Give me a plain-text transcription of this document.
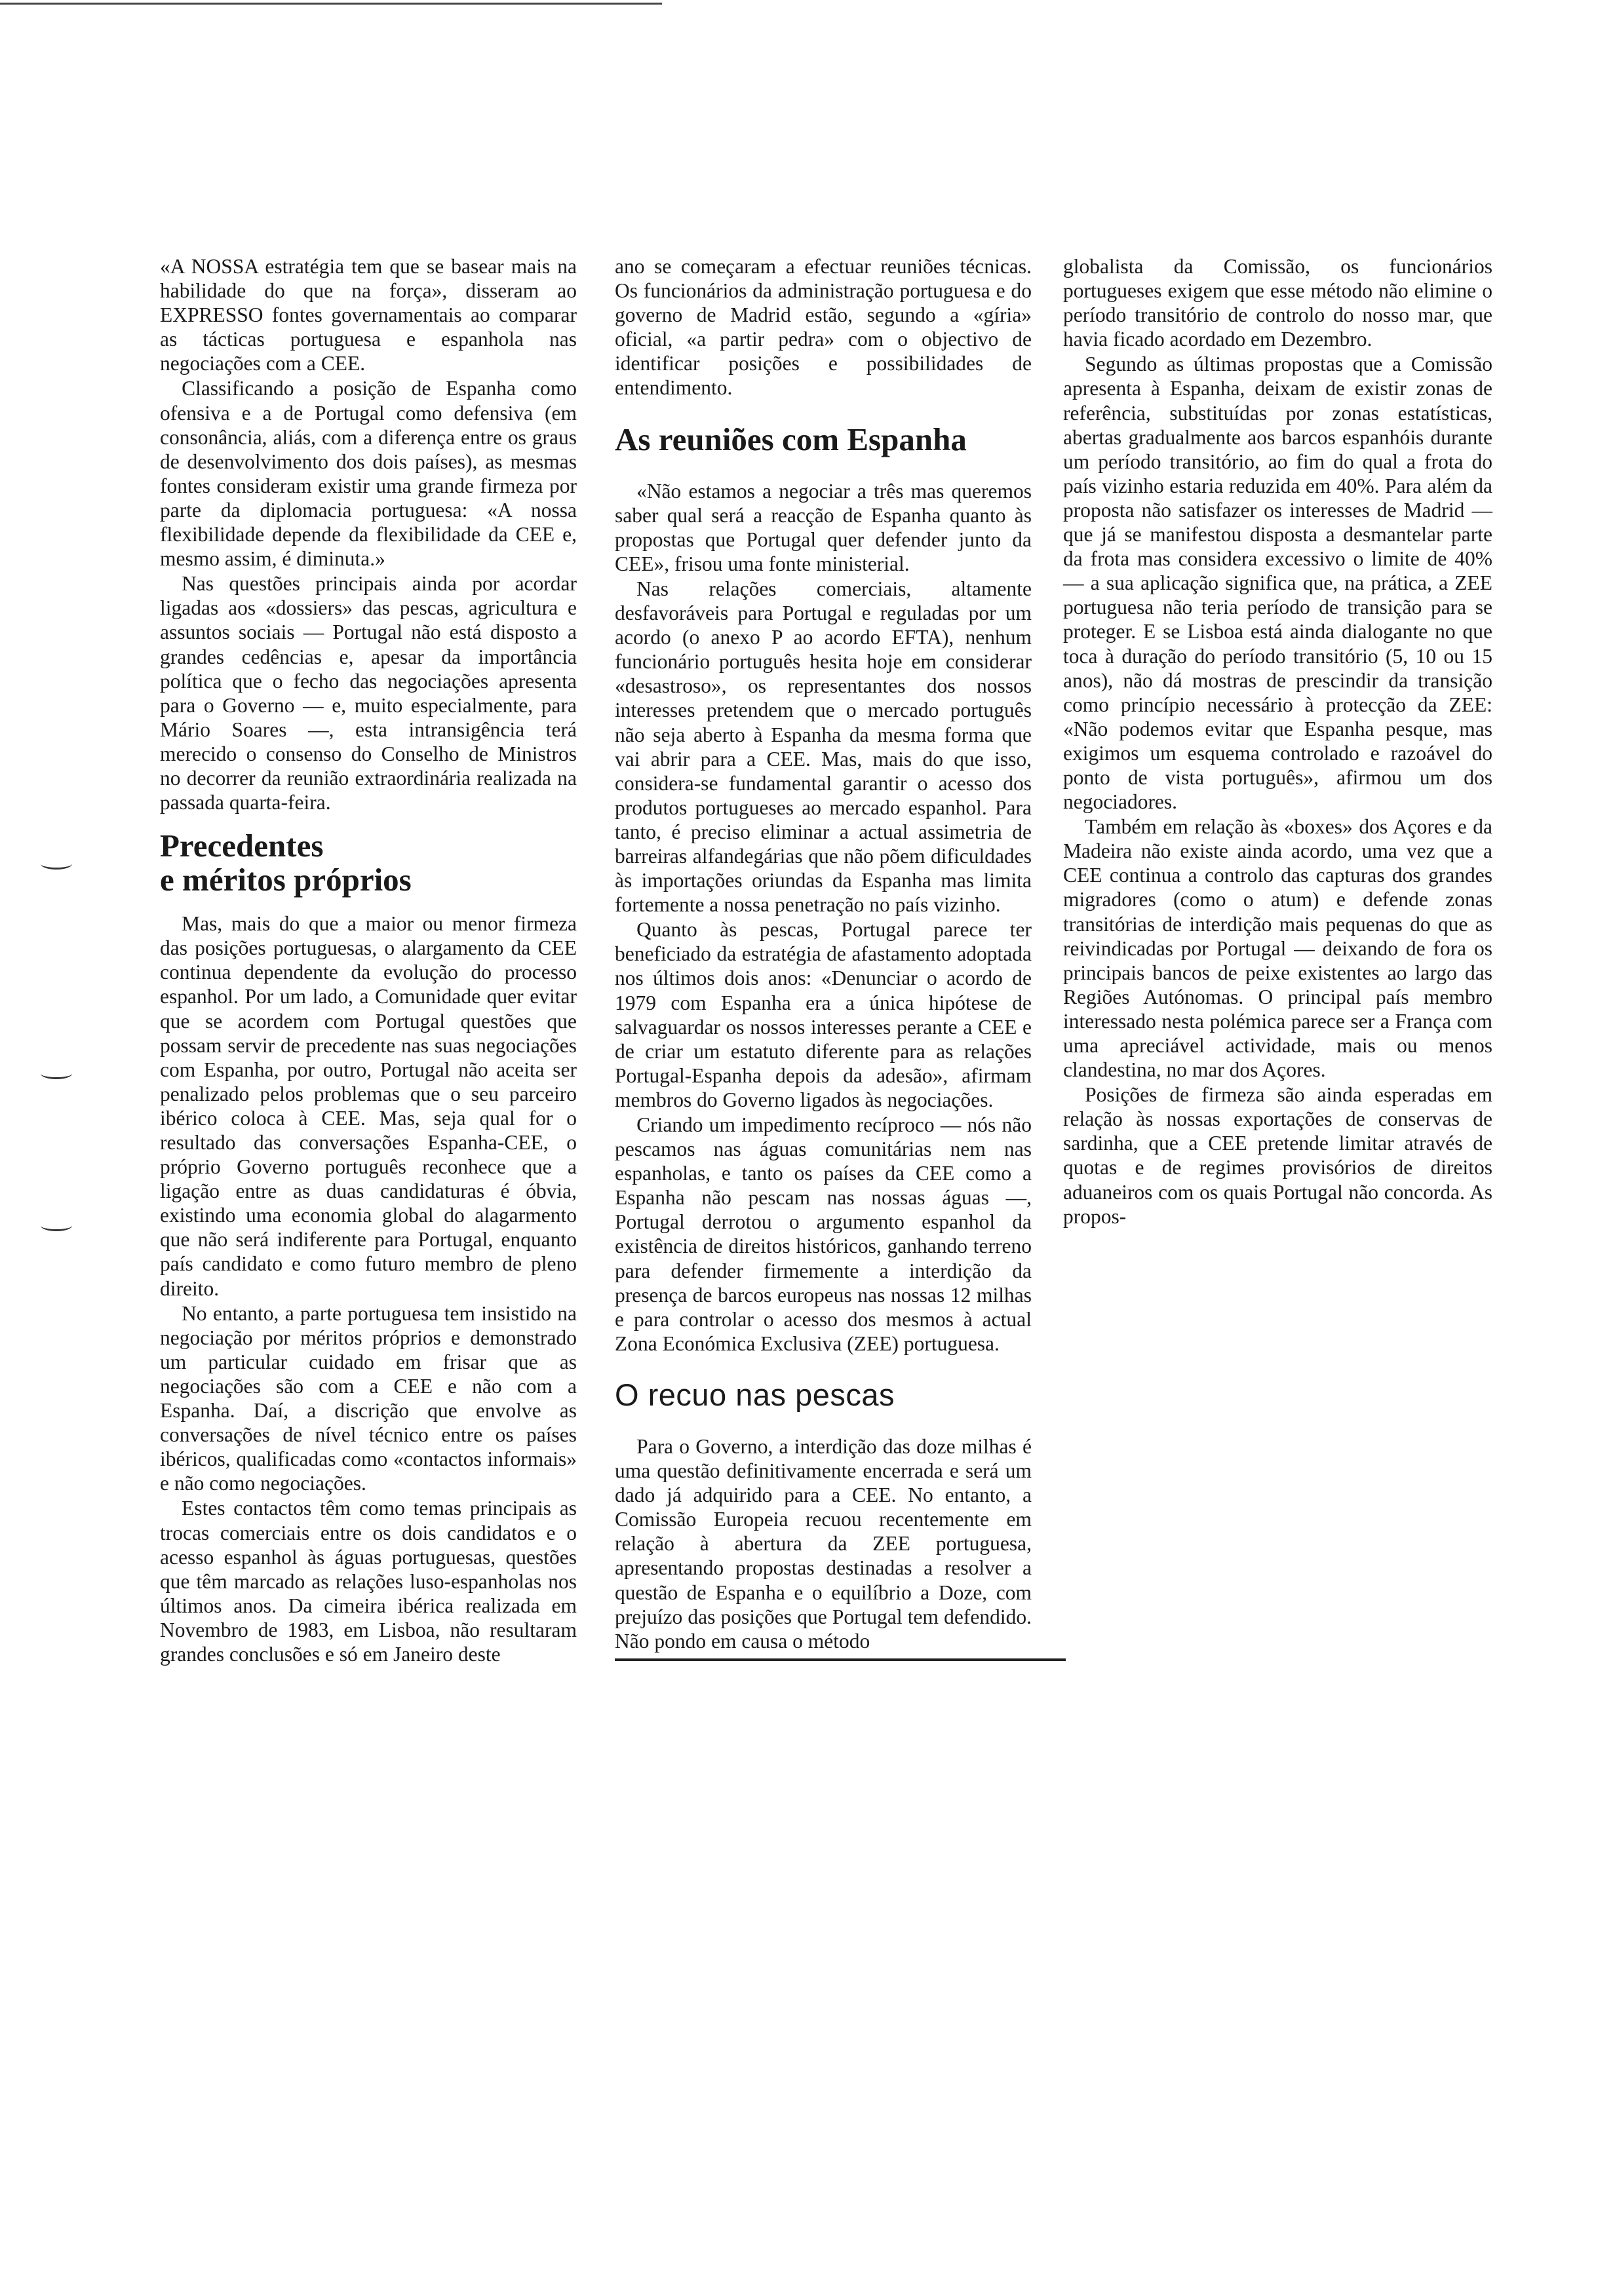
«A NOSSA estratégia tem que se basear mais na habilidade do que na força», disseram ao EXPRESSO fontes governamentais ao comparar as tácticas portuguesa e espanhola nas negociações com a CEE.

Classificando a posição de Espanha como ofensiva e a de Portugal como defensiva (em consonância, aliás, com a diferença entre os graus de desenvolvimento dos dois países), as mesmas fontes consideram existir uma grande firmeza por parte da diplomacia portuguesa: «A nossa flexibilidade depende da flexibilidade da CEE e, mesmo assim, é diminuta.»

Nas questões principais ainda por acordar ligadas aos «dossiers» das pescas, agricultura e assuntos sociais — Portugal não está disposto a grandes cedências e, apesar da importância política que o fecho das negociações apresenta para o Governo — e, muito especialmente, para Mário Soares —, esta intransigência terá merecido o consenso do Conselho de Ministros no decorrer da reunião extraordinária realizada na passada quarta-feira.

Precedentes
e méritos próprios

Mas, mais do que a maior ou menor firmeza das posições portuguesas, o alargamento da CEE continua dependente da evolução do processo espanhol. Por um lado, a Comunidade quer evitar que se acordem com Portugal questões que possam servir de precedente nas suas negociações com Espanha, por outro, Portugal não aceita ser penalizado pelos problemas que o seu parceiro ibérico coloca à CEE. Mas, seja qual for o resultado das conversações Espanha-CEE, o próprio Governo português reconhece que a ligação entre as duas candidaturas é óbvia, existindo uma economia global do alagarmento que não será indiferente para Portugal, enquanto país candidato e como futuro membro de pleno direito.

No entanto, a parte portuguesa tem insistido na negociação por méritos próprios e demonstrado um particular cuidado em frisar que as negociações são com a CEE e não com a Espanha. Daí, a discrição que envolve as conversações de nível técnico entre os países ibéricos, qualificadas como «contactos informais» e não como negociações.

Estes contactos têm como temas principais as trocas comerciais entre os dois candidatos e o acesso espanhol às águas portuguesas, questões que têm marcado as relações luso-espanholas nos últimos anos. Da cimeira ibérica realizada em Novembro de 1983, em Lisboa, não resultaram grandes conclusões e só em Janeiro deste

ano se começaram a efectuar reuniões técnicas. Os funcionários da administração portuguesa e do governo de Madrid estão, segundo a «gíria» oficial, «a partir pedra» com o objectivo de identificar posições e possibilidades de entendimento.

As reuniões com Espanha

«Não estamos a negociar a três mas queremos saber qual será a reacção de Espanha quanto às propostas que Portugal quer defender junto da CEE», frisou uma fonte ministerial.

Nas relações comerciais, altamente desfavoráveis para Portugal e reguladas por um acordo (o anexo P ao acordo EFTA), nenhum funcionário português hesita hoje em considerar «desastroso», os representantes dos nossos interesses pretendem que o mercado português não seja aberto à Espanha da mesma forma que vai abrir para a CEE. Mas, mais do que isso, considera-se fundamental garantir o acesso dos produtos portugueses ao mercado espanhol. Para tanto, é preciso eliminar a actual assimetria de barreiras alfandegárias que não põem dificuldades às importações oriundas da Espanha mas limita fortemente a nossa penetração no país vizinho.

Quanto às pescas, Portugal parece ter beneficiado da estratégia de afastamento adoptada nos últimos dois anos: «Denunciar o acordo de 1979 com Espanha era a única hipótese de salvaguardar os nossos interesses perante a CEE e de criar um estatuto diferente para as relações Portugal-Espanha depois da adesão», afirmam membros do Governo ligados às negociações.

Criando um impedimento recíproco — nós não pescamos nas águas comunitárias nem nas espanholas, e tanto os países da CEE como a Espanha não pescam nas nossas águas —, Portugal derrotou o argumento espanhol da existência de direitos históricos, ganhando terreno para defender firmemente a interdição da presença de barcos europeus nas nossas 12 milhas e para controlar o acesso dos mesmos à actual Zona Económica Exclusiva (ZEE) portuguesa.

O recuo nas pescas

Para o Governo, a interdição das doze milhas é uma questão definitivamente encerrada e será um dado já adquirido para a CEE. No entanto, a Comissão Europeia recuou recentemente em relação à abertura da ZEE portuguesa, apresentando propostas destinadas a resolver a questão de Espanha e o equilíbrio a Doze, com prejuízo das posições que Portugal tem defendido. Não pondo em causa o método

globalista da Comissão, os funcionários portugueses exigem que esse método não elimine o período transitório de controlo do nosso mar, que havia ficado acordado em Dezembro.

Segundo as últimas propostas que a Comissão apresenta à Espanha, deixam de existir zonas de referência, substituídas por zonas estatísticas, abertas gradualmente aos barcos espanhóis durante um período transitório, ao fim do qual a frota do país vizinho estaria reduzida em 40%. Para além da proposta não satisfazer os interesses de Madrid — que já se manifestou disposta a desmantelar parte da frota mas considera excessivo o limite de 40% — a sua aplicação significa que, na prática, a ZEE portuguesa não teria período de transição para se proteger. E se Lisboa está ainda dialogante no que toca à duração do período transitório (5, 10 ou 15 anos), não dá mostras de prescindir da transição como princípio necessário à protecção da ZEE: «Não podemos evitar que Espanha pesque, mas exigimos um esquema controlado e razoável do ponto de vista português», afirmou um dos negociadores.

Também em relação às «boxes» dos Açores e da Madeira não existe ainda acordo, uma vez que a CEE continua a controlo das capturas dos grandes migradores (como o atum) e defende zonas transitórias de interdição mais pequenas do que as reivindicadas por Portugal — deixando de fora os principais bancos de peixe existentes ao largo das Regiões Autónomas. O principal país membro interessado nesta polémica parece ser a França com uma apreciável actividade, mais ou menos clandestina, no mar dos Açores.

Posições de firmeza são ainda esperadas em relação às nossas exportações de conservas de sardinha, que a CEE pretende limitar através de quotas e de regimes provisórios de direitos aduaneiros com os quais Portugal não concorda. As propos-
